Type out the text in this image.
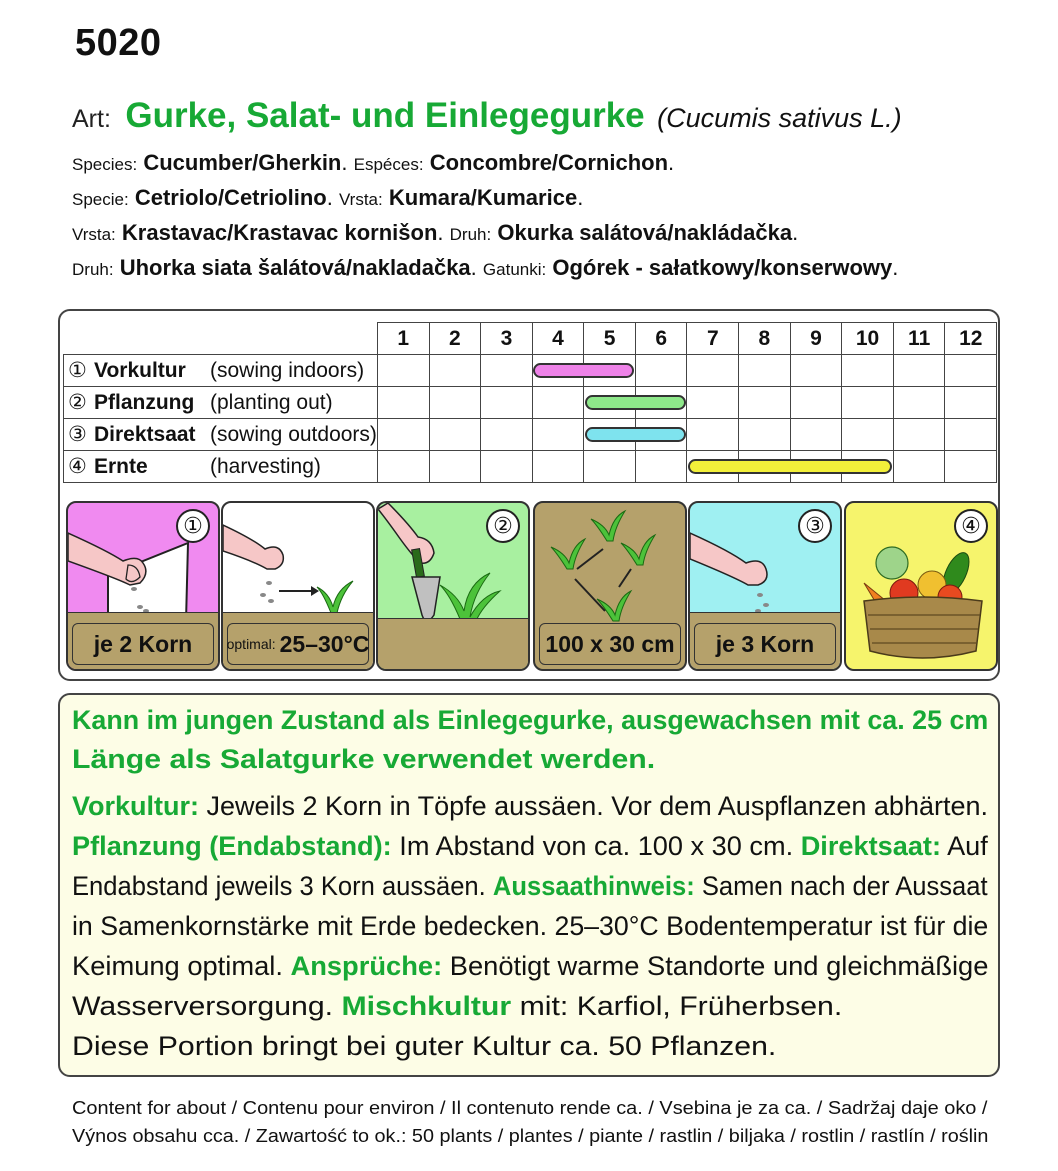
5020
Art: Gurke, Salat- und Einlegegurke (Cucumis sativus L.)
Species: Cucumber/Gherkin. Espéces: Concombre/Cornichon.
Specie: Cetriolo/Cetriolino. Vrsta: Kumara/Kumarice.
Vrsta: Krastavac/Krastavac kornišon. Druh: Okurka salátová/nakládačka.
Druh: Uhorka siata šalátová/nakladačka. Gatunki: Ogórek - sałatkowy/konserwowy.
	1	2	3	4	5	6	7	8	9	10	11	12
① Vorkultur (sowing indoors)												
② Pflanzung (planting out)												
③ Direktsaat (sowing outdoors)												
④ Ernte (harvesting)												
①
je 2 Korn optimal: 25–30°C
②
100 x 30 cm
③
je 3 Korn
④
Kann im jungen Zustand als Einlegegurke, ausgewachsen mit ca. 25 cm
Länge als Salatgurke verwendet werden.
Vorkultur: Jeweils 2 Korn in Töpfe aussäen. Vor dem Auspflanzen abhärten.
Pflanzung (Endabstand): Im Abstand von ca. 100 x 30 cm. Direktsaat: Auf
Endabstand jeweils 3 Korn aussäen. Aussaathinweis: Samen nach der Aussaat
in Samenkornstärke mit Erde bedecken. 25–30°C Bodentemperatur ist für die
Keimung optimal. Ansprüche: Benötigt warme Standorte und gleichmäßige
Wasserversorgung. Mischkultur mit: Karfiol, Früherbsen.
Diese Portion bringt bei guter Kultur ca. 50 Pflanzen.
Content for about / Contenu pour environ / Il contenuto rende ca. / Vsebina je za ca. / Sadržaj daje oko /
Výnos obsahu cca. / Zawartość to ok.: 50 plants / plantes / piante / rastlin / biljaka / rostlin / rastlín / roślin
